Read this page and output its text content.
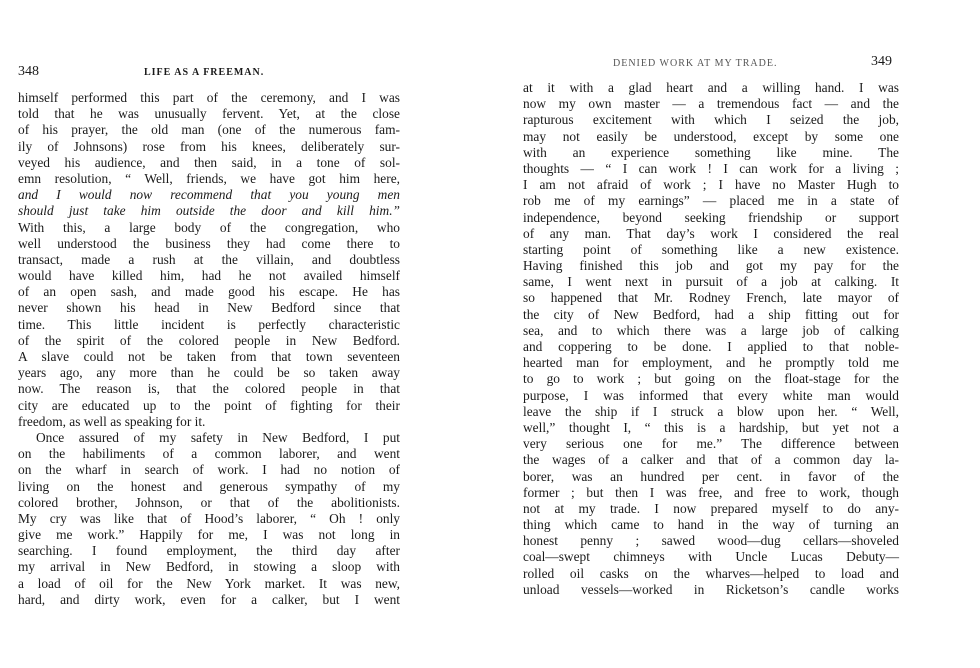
348	LIFE AS A FREEMAN.
himself performed this part of the ceremony, and I was
told that he was unusually fervent. Yet, at the close
of his prayer, the old man (one of the numerous fam-
ily of Johnsons) rose from his knees, deliberately sur-
veyed his audience, and then said, in a tone of sol-
emn resolution, “ Well, friends, we have got him here,
and I would now recommend that you young men
should just take him outside the door and kill him.”
With this, a large body of the congregation, who
well understood the business they had come there to
transact, made a rush at the villain, and doubtless
would have killed him, had he not availed himself
of an open sash, and made good his escape. He has
never shown his head in New Bedford since that
time. This little incident is perfectly characteristic
of the spirit of the colored people in New Bedford.
A slave could not be taken from that town seventeen
years ago, any more than he could be so taken away
now. The reason is, that the colored people in that
city are educated up to the point of fighting for their
freedom, as well as speaking for it.
Once assured of my safety in New Bedford, I put
on the habiliments of a common laborer, and went
on the wharf in search of work. I had no notion of
living on the honest and generous sympathy of my
colored brother, Johnson, or that of the abolitionists.
My cry was like that of Hood’s laborer, “ Oh ! only
give me work.” Happily for me, I was not long in
searching. I found employment, the third day after
my arrival in New Bedford, in stowing a sloop with
a load of oil for the New York market. It was new,
hard, and dirty work, even for a calker, but I went
DENIED WORK AT MY TRADE.	349
at it with a glad heart and a willing hand. I was
now my own master — a tremendous fact — and the
rapturous excitement with which I seized the job,
may not easily be understood, except by some one
with an experience something like mine. The
thoughts — “ I can work ! I can work for a living ;
I am not afraid of work ; I have no Master Hugh to
rob me of my earnings” — placed me in a state of
independence, beyond seeking friendship or support
of any man. That day’s work I considered the real
starting point of something like a new existence.
Having finished this job and got my pay for the
same, I went next in pursuit of a job at calking. It
so happened that Mr. Rodney French, late mayor of
the city of New Bedford, had a ship fitting out for
sea, and to which there was a large job of calking
and coppering to be done. I applied to that noble-
hearted man for employment, and he promptly told me
to go to work ; but going on the float-stage for the
purpose, I was informed that every white man would
leave the ship if I struck a blow upon her. “ Well,
well,” thought I, “ this is a hardship, but yet not a
very serious one for me.” The difference between
the wages of a calker and that of a common day la-
borer, was an hundred per cent. in favor of the
former ; but then I was free, and free to work, though
not at my trade. I now prepared myself to do any-
thing which came to hand in the way of turning an
honest penny ; sawed wood—dug cellars—shoveled
coal—swept chimneys with Uncle Lucas Debuty—
rolled oil casks on the wharves—helped to load and
unload vessels—worked in Ricketson’s candle works
